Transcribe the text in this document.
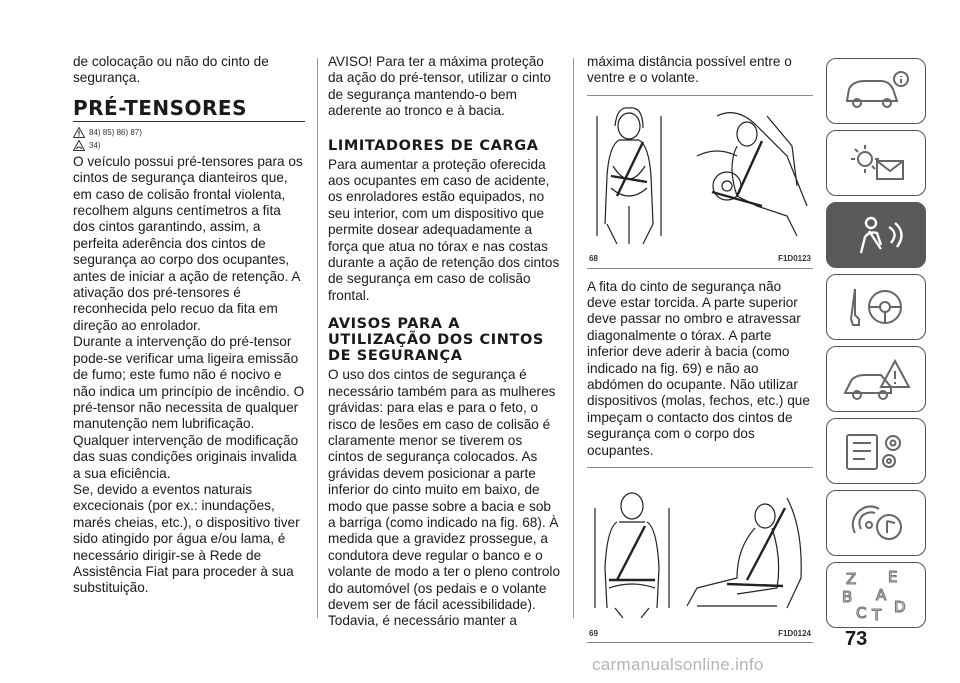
de colocação ou não do cinto de segurança.

PRÉ-TENSORES
84) 85) 86) 87)
34)

O veículo possui pré-tensores para os cintos de segurança dianteiros que, em caso de colisão frontal violenta, recolhem alguns centímetros a fita dos cintos garantindo, assim, a perfeita aderência dos cintos de segurança ao corpo dos ocupantes, antes de iniciar a ação de retenção. A ativação dos pré-tensores é reconhecida pelo recuo da fita em direção ao enrolador.

Durante a intervenção do pré-tensor pode-se verificar uma ligeira emissão de fumo; este fumo não é nocivo e não indica um princípio de incêndio. O pré-tensor não necessita de qualquer manutenção nem lubrificação. Qualquer intervenção de modificação das suas condições originais invalida a sua eficiência.

Se, devido a eventos naturais excecionais (por ex.: inundações, marés cheias, etc.), o dispositivo tiver sido atingido por água e/ou lama, é necessário dirigir-se à Rede de Assistência Fiat para proceder à sua substituição.

AVISO! Para ter a máxima proteção da ação do pré-tensor, utilizar o cinto de segurança mantendo-o bem aderente ao tronco e à bacia.

LIMITADORES DE CARGA

Para aumentar a proteção oferecida aos ocupantes em caso de acidente, os enroladores estão equipados, no seu interior, com um dispositivo que permite dosear adequadamente a força que atua no tórax e nas costas durante a ação de retenção dos cintos de segurança em caso de colisão frontal.

AVISOS PARA A UTILIZAÇÃO DOS CINTOS DE SEGURANÇA

O uso dos cintos de segurança é necessário também para as mulheres grávidas: para elas e para o feto, o risco de lesões em caso de colisão é claramente menor se tiverem os cintos de segurança colocados. As grávidas devem posicionar a parte inferior do cinto muito em baixo, de modo que passe sobre a bacia e sob a barriga (como indicado na fig. 68). À medida que a gravidez prossegue, a condutora deve regular o banco e o volante de modo a ter o pleno controlo do automóvel (os pedais e o volante devem ser de fácil acessibilidade). Todavia, é necessário manter a

máxima distância possível entre o ventre e o volante.

68	F1D0123

A fita do cinto de segurança não deve estar torcida. A parte superior deve passar no ombro e atravessar diagonalmente o tórax. A parte inferior deve aderir à bacia (como indicado na fig. 69) e não ao abdómen do ocupante. Não utilizar dispositivos (molas, fechos, etc.) que impeçam o contacto dos cintos de segurança com o corpo dos ocupantes.

69	F1D0124
Z E
B A
C T D
73
carmanualsonline.info
